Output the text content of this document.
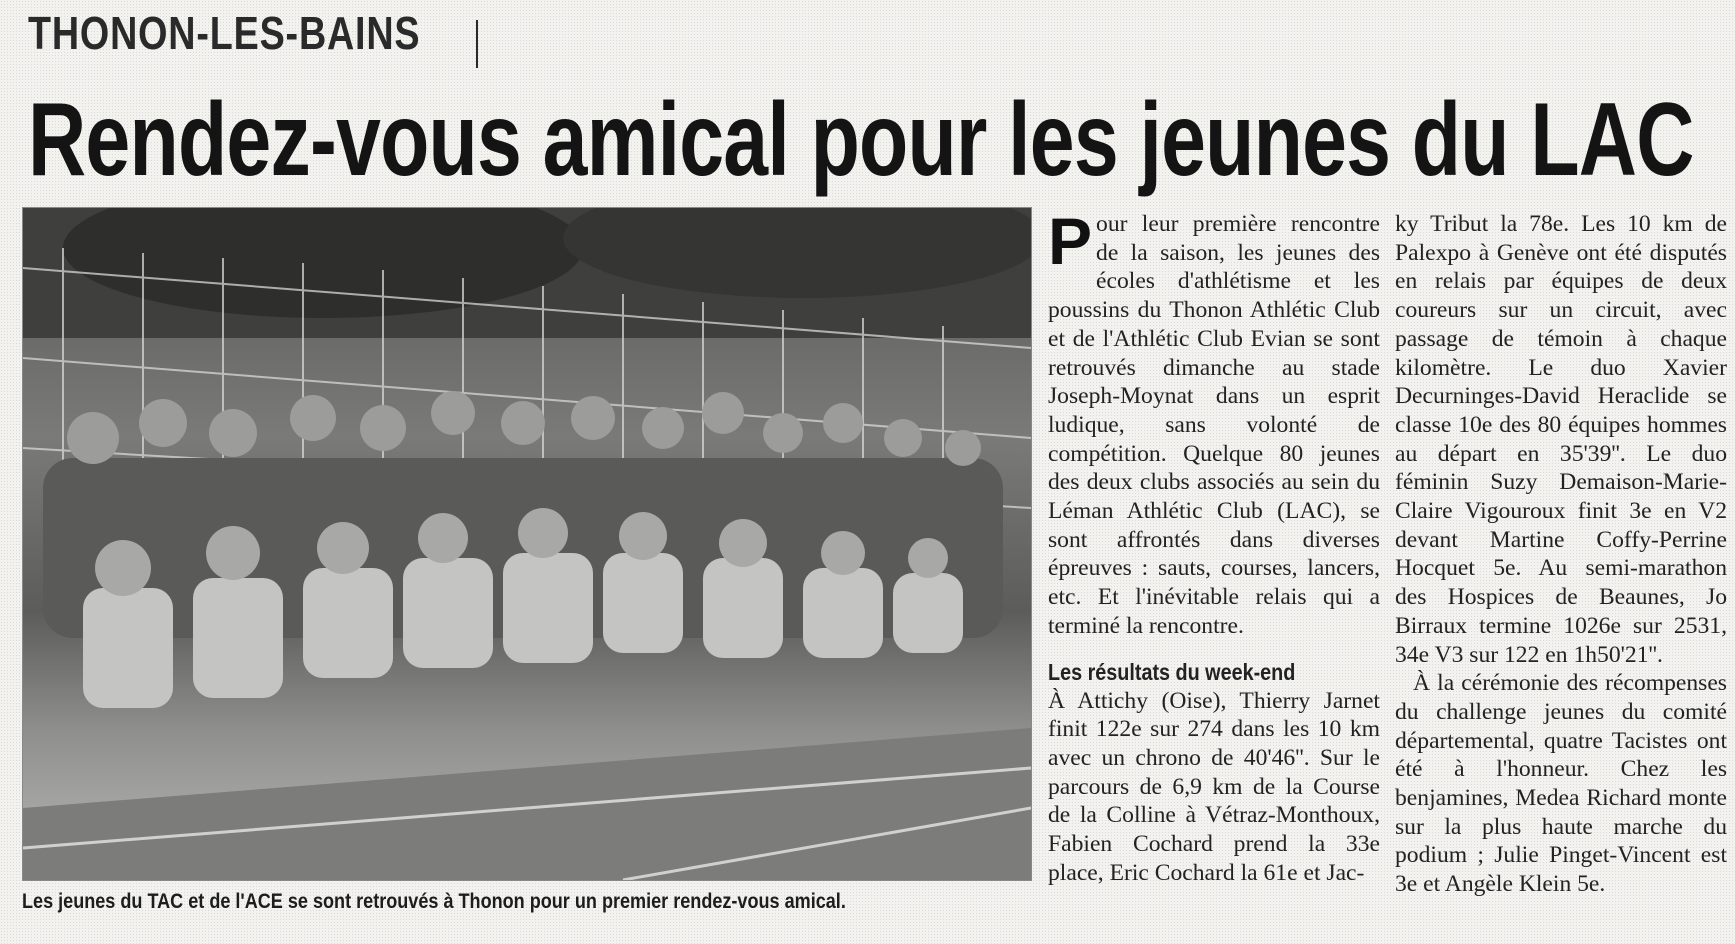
THONON-LES-BAINS
Rendez-vous amical pour les jeunes du LAC
Les jeunes du TAC et de l'ACE se sont retrouvés à Thonon pour un premier rendez-vous amical.

Pour leur première rencontre de la saison, les jeunes des écoles d'athlétisme et les poussins du Thonon Athlétic Club et de l'Athlétic Club Evian se sont retrouvés dimanche au stade Joseph-Moynat dans un esprit ludique, sans volonté de compétition. Quelque 80 jeunes des deux clubs associés au sein du Léman Athlétic Club (LAC), se sont affrontés dans diverses épreuves : sauts, courses, lancers, etc. Et l'inévitable relais qui a terminé la rencontre.

Les résultats du week-end

À Attichy (Oise), Thierry Jarnet finit 122e sur 274 dans les 10 km avec un chrono de 40'46''. Sur le parcours de 6,9 km de la Course de la Colline à Vétraz-Monthoux, Fabien Cochard prend la 33e place, Eric Cochard la 61e et Jac-

ky Tribut la 78e. Les 10 km de Palexpo à Genève ont été disputés en relais par équipes de deux coureurs sur un circuit, avec passage de témoin à chaque kilomètre. Le duo Xavier Decurninges-David Heraclide se classe 10e des 80 équipes hommes au départ en 35'39''. Le duo féminin Suzy Demaison-Marie-Claire Vigouroux finit 3e en V2 devant Martine Coffy-Perrine Hocquet 5e. Au semi-marathon des Hospices de Beaunes, Jo Birraux termine 1026e sur 2531, 34e V3 sur 122 en 1h50'21''.

À la cérémonie des récompenses du challenge jeunes du comité départemental, quatre Tacistes ont été à l'honneur. Chez les benjamines, Medea Richard monte sur la plus haute marche du podium ; Julie Pinget-Vincent est 3e et Angèle Klein 5e.
